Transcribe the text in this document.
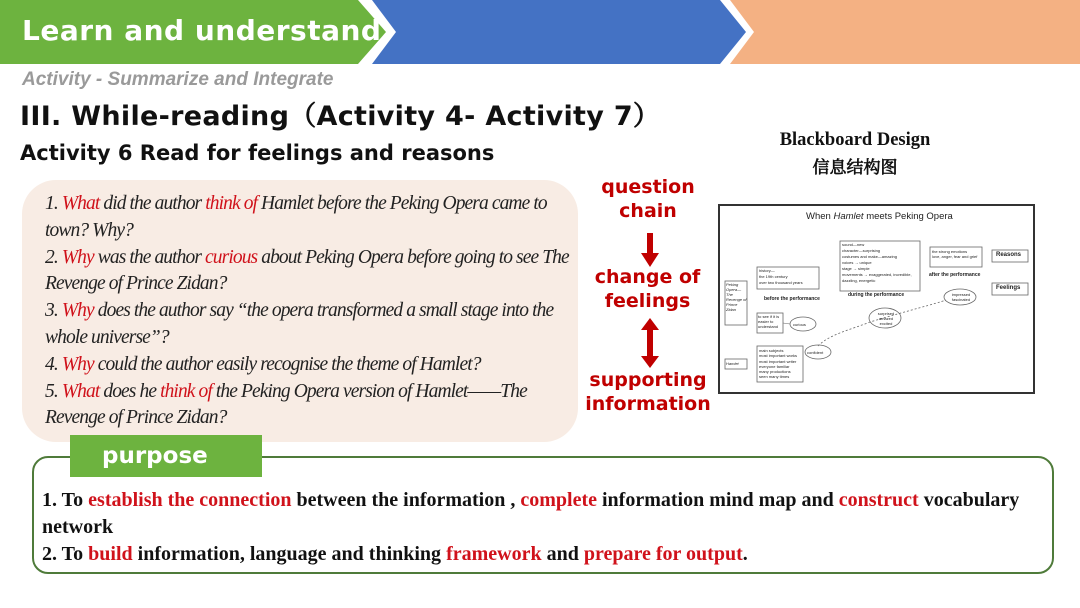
Learn and understand
Activity - Summarize and Integrate
III. While-reading（Activity 4- Activity 7）
Activity 6 Read for feelings and reasons

1. What did the author think of Hamlet before the Peking Opera came to town? Why?

2. Why was the author curious about Peking Opera before going to see The Revenge of Prince Zidan?

3. Why does the author say “the opera transformed a small stage into the whole universe”?

4. Why could the author easily recognise the theme of Hamlet?

5. What does he think of the Peking Opera version of Hamlet——The Revenge of Prince Zidan?

question chain
change of feelings
supporting information
Blackboard Design
信息结构图
When Hamlet meets Peking Opera
Peking Opera— The Revenge of Prince Zidan
Hamlet
history—
the 19th century
over two thousand years
before the performance
sound—new
character—surprising
costumes and make—amazing
voices → unique
stage → simple
movements → exaggerated, incredible, dazzling, energetic
during the performance
the strong emotions
love, anger, fear and grief
after the performance
Reasons
Feelings
to see if it is easier to understand
main subjects
most important works
most important writer
everyone familiar
many productions
seen many times
curious
confident
surprised
amazed
excited
impressed
fascinated
purpose
1. To establish the connection between the information , complete information mind map and construct vocabulary network
2. To build information, language and thinking framework and prepare for output.
